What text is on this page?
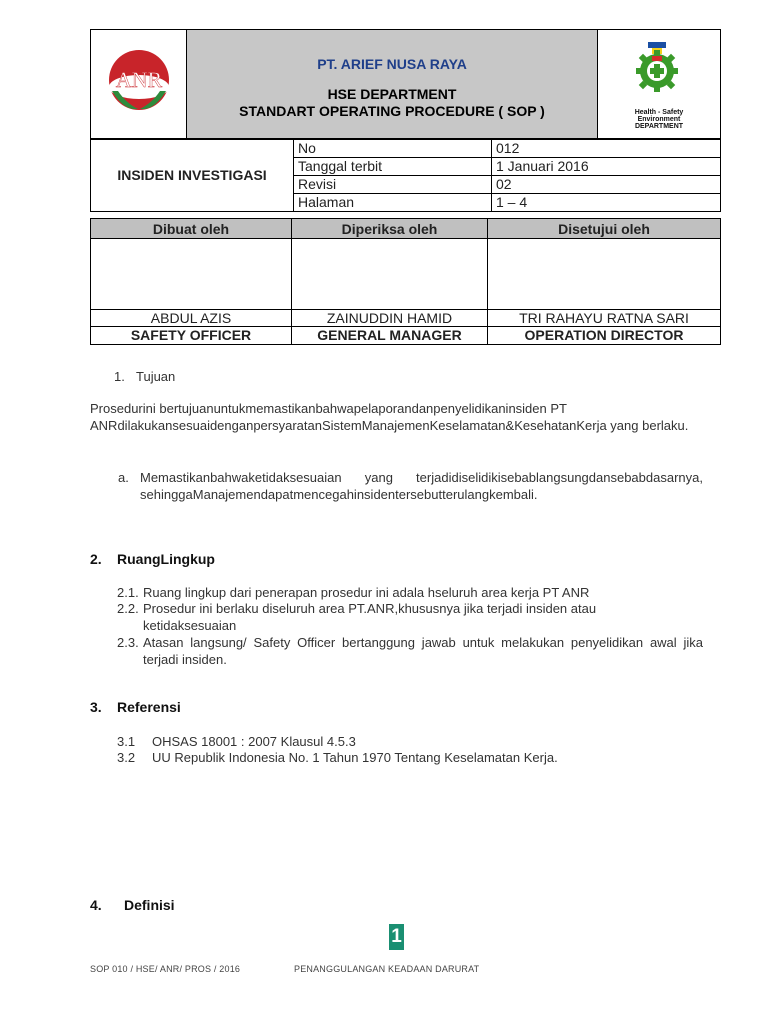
ANR

PT. ARIEF NUSA RAYA
HSE DEPARTMENT
STANDART OPERATING PROCEDURE ( SOP )	Health - Safety
Environment
DEPARTMENT
INSIDEN INVESTIGASI	No	012
	Tanggal terbit	1 Januari 2016
	Revisi	02
	Halaman	1 – 4
Dibuat oleh	Diperiksa oleh	Disetujui oleh

ABDUL AZIS	ZAINUDDIN HAMID	TRI RAHAYU RATNA SARI
SAFETY OFFICER	GENERAL MANAGER	OPERATION DIRECTOR
1. Tujuan
Prosedurini bertujuanuntukmemastikanbahwapelaporandanpenyelidikaninsiden PT ANRdilakukansesuaidenganpersyaratanSistemManajemenKeselamatan&KesehatanKerja yang berlaku.
a. Memastikanbahwaketidaksesuaian yang terjadidiselidikisebablangsungdansebabdasarnya, sehinggaManajemendapatmencegahinsidentersebutterulangkembali.
2. RuangLingkup
2.1. Ruang lingkup dari penerapan prosedur ini adala hseluruh area kerja PT ANR
2.2. Prosedur ini berlaku diseluruh area PT.ANR,khususnya jika terjadi insiden atau ketidaksesuaian
2.3. Atasan langsung/ Safety Officer bertanggung jawab untuk melakukan penyelidikan awal jika terjadi insiden.
3. Referensi
3.1 OHSAS 18001 : 2007 Klausul 4.5.3
3.2 UU Republik Indonesia No. 1 Tahun 1970 Tentang Keselamatan Kerja.
4. Definisi
1
SOP 010 / HSE/ ANR/ PROS / 2016	PENANGGULANGAN KEADAAN DARURAT
